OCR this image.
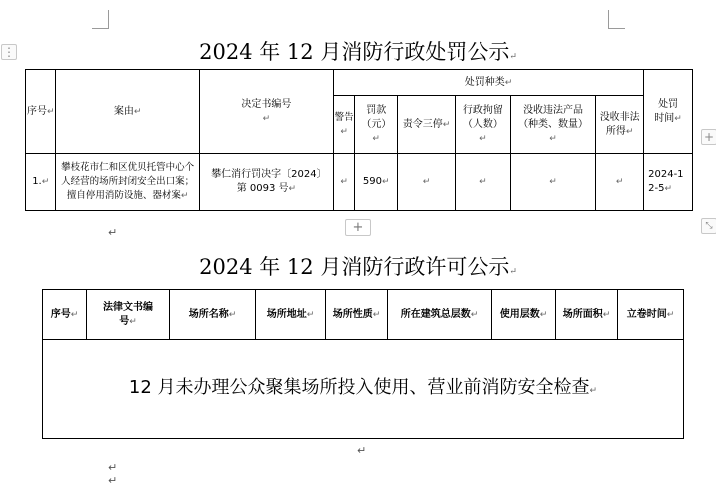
⋮
+
⤡
2024 年 12 月消防行政处罚公示↵
序号↵	案由↵	决定书编号↵	处罚种类↵						处罚时间↵
			警告↵	罚款（元）↵	责令三停↵	行政拘留（人数）↵	没收违法产品（种类、数量）↵	没收非法所得↵	
1.↵	攀枝花市仁和区优贝托管中心个人经营的场所封闭安全出口案；擅自停用消防设施、器材案↵	攀仁消行罚决字〔2024〕第 0093 号↵	↵	590↵	↵	↵	↵	↵	2024-12-5↵
+
↵
2024 年 12 月消防行政许可公示↵
序号↵	法律文书编号↵	场所名称↵	场所地址↵	场所性质↵	所在建筑总层数↵	使用层数↵	场所面积↵	立卷时间↵
12 月未办理公众聚集场所投入使用、营业前消防安全检查↵
↵
↵
↵
